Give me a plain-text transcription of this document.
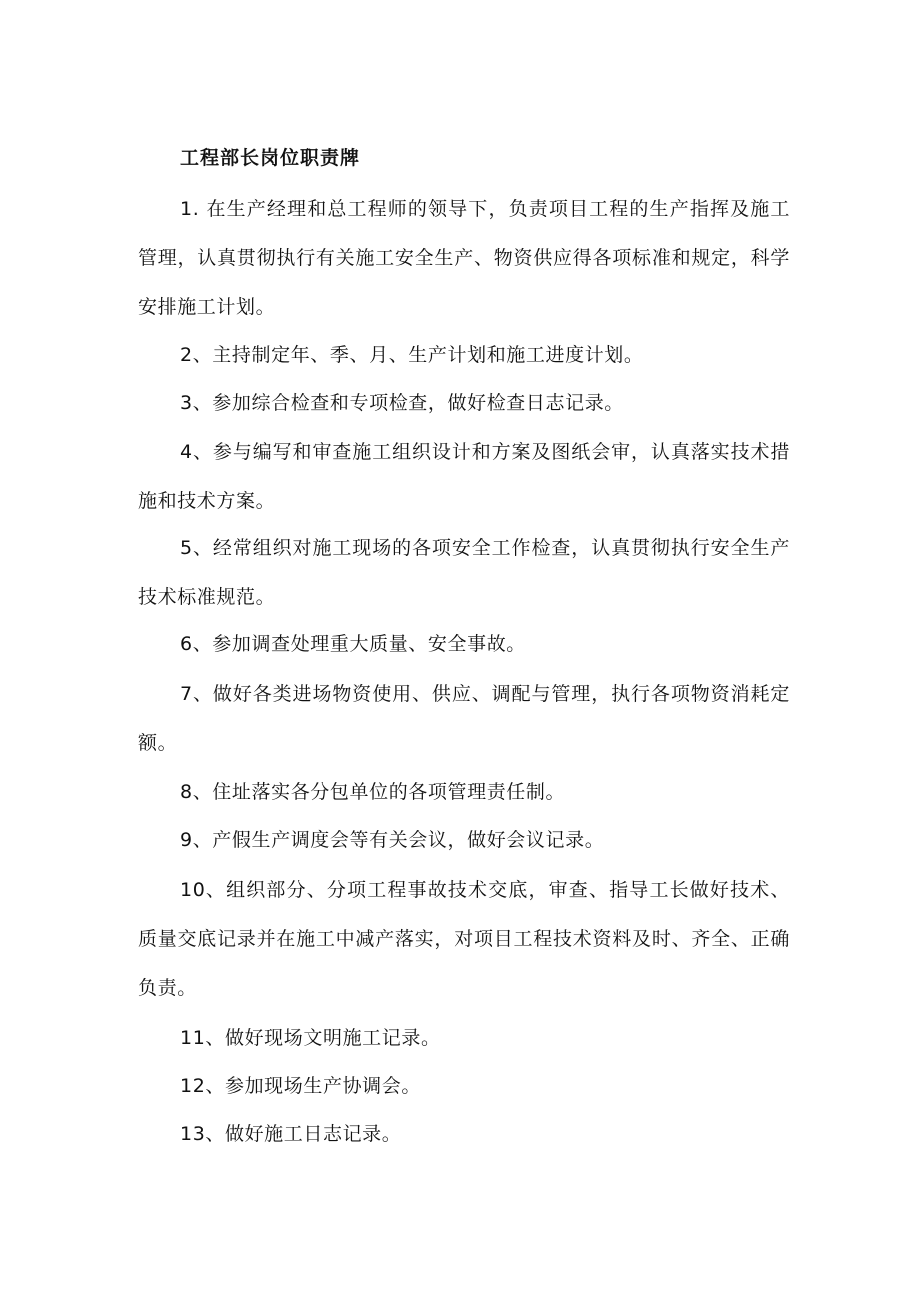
工程部长岗位职责牌

1. 在生产经理和总工程师的领导下，负责项目工程的生产指挥及施工管理，认真贯彻执行有关施工安全生产、物资供应得各项标准和规定，科学安排施工计划。

2、主持制定年、季、月、生产计划和施工进度计划。

3、参加综合检查和专项检查，做好检查日志记录。

4、参与编写和审查施工组织设计和方案及图纸会审，认真落实技术措施和技术方案。

5、经常组织对施工现场的各项安全工作检查，认真贯彻执行安全生产技术标准规范。

6、参加调查处理重大质量、安全事故。

7、做好各类进场物资使用、供应、调配与管理，执行各项物资消耗定额。

8、住址落实各分包单位的各项管理责任制。

9、产假生产调度会等有关会议，做好会议记录。

10、组织部分、分项工程事故技术交底，审查、指导工长做好技术、质量交底记录并在施工中减产落实，对项目工程技术资料及时、齐全、正确负责。

11、做好现场文明施工记录。

12、参加现场生产协调会。

13、做好施工日志记录。
